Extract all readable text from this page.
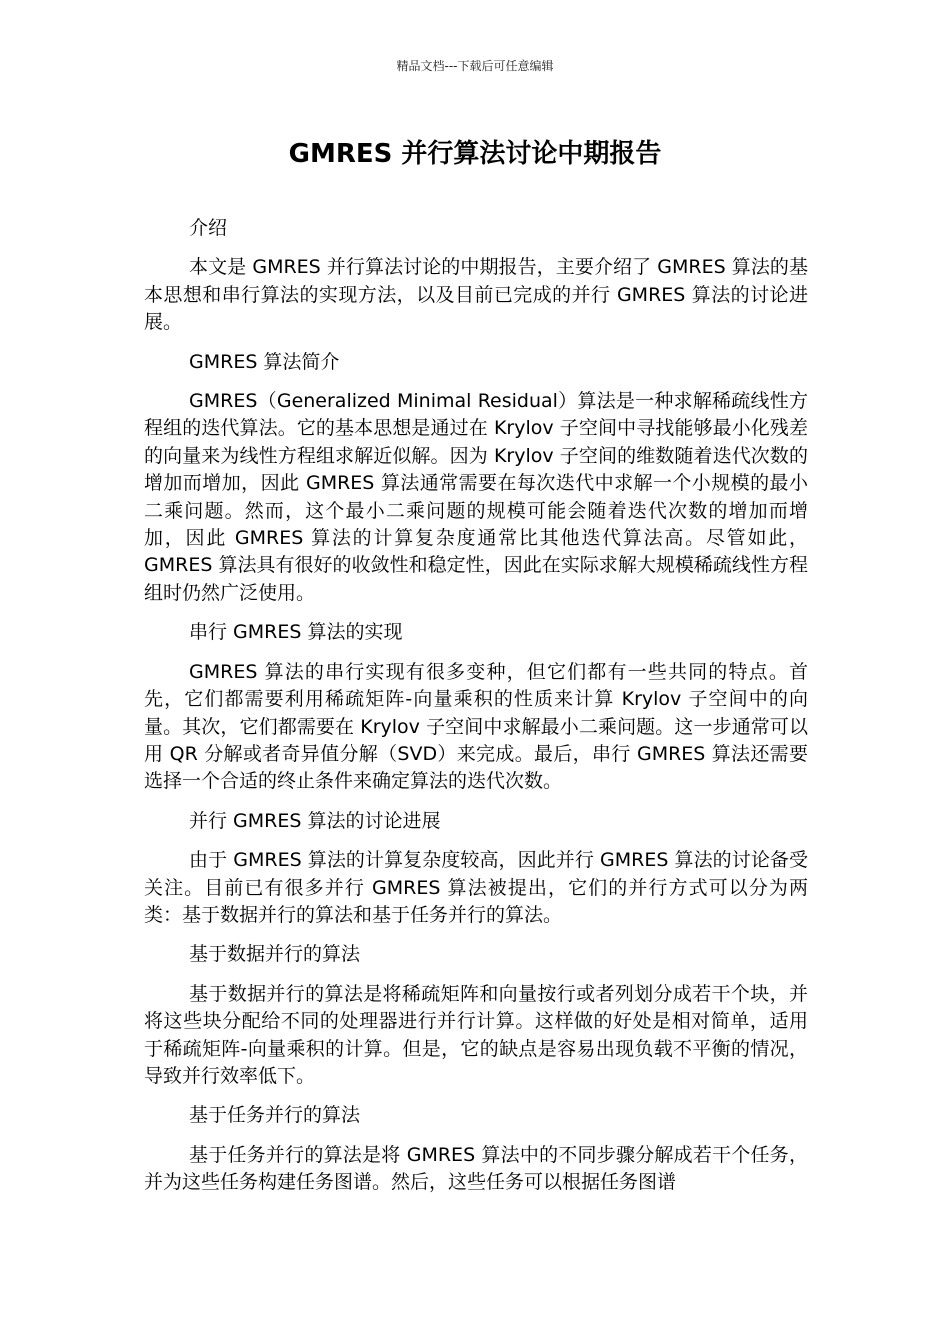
精品文档---下载后可任意编辑
GMRES 并行算法讨论中期报告

介绍

本文是 GMRES 并行算法讨论的中期报告，主要介绍了 GMRES 算法的基本思想和串行算法的实现方法，以及目前已完成的并行 GMRES 算法的讨论进展。

GMRES 算法简介

GMRES（Generalized Minimal Residual）算法是一种求解稀疏线性方程组的迭代算法。它的基本思想是通过在 Krylov 子空间中寻找能够最小化残差的向量来为线性方程组求解近似解。因为 Krylov 子空间的维数随着迭代次数的增加而增加，因此 GMRES 算法通常需要在每次迭代中求解一个小规模的最小二乘问题。然而，这个最小二乘问题的规模可能会随着迭代次数的增加而增加，因此 GMRES 算法的计算复杂度通常比其他迭代算法高。尽管如此，GMRES 算法具有很好的收敛性和稳定性，因此在实际求解大规模稀疏线性方程组时仍然广泛使用。

串行 GMRES 算法的实现

GMRES 算法的串行实现有很多变种，但它们都有一些共同的特点。首先，它们都需要利用稀疏矩阵-向量乘积的性质来计算 Krylov 子空间中的向量。其次，它们都需要在 Krylov 子空间中求解最小二乘问题。这一步通常可以用 QR 分解或者奇异值分解（SVD）来完成。最后，串行 GMRES 算法还需要选择一个合适的终止条件来确定算法的迭代次数。

并行 GMRES 算法的讨论进展

由于 GMRES 算法的计算复杂度较高，因此并行 GMRES 算法的讨论备受关注。目前已有很多并行 GMRES 算法被提出，它们的并行方式可以分为两类：基于数据并行的算法和基于任务并行的算法。

基于数据并行的算法

基于数据并行的算法是将稀疏矩阵和向量按行或者列划分成若干个块，并将这些块分配给不同的处理器进行并行计算。这样做的好处是相对简单，适用于稀疏矩阵-向量乘积的计算。但是，它的缺点是容易出现负载不平衡的情况，导致并行效率低下。

基于任务并行的算法

基于任务并行的算法是将 GMRES 算法中的不同步骤分解成若干个任务，并为这些任务构建任务图谱。然后，这些任务可以根据任务图谱
